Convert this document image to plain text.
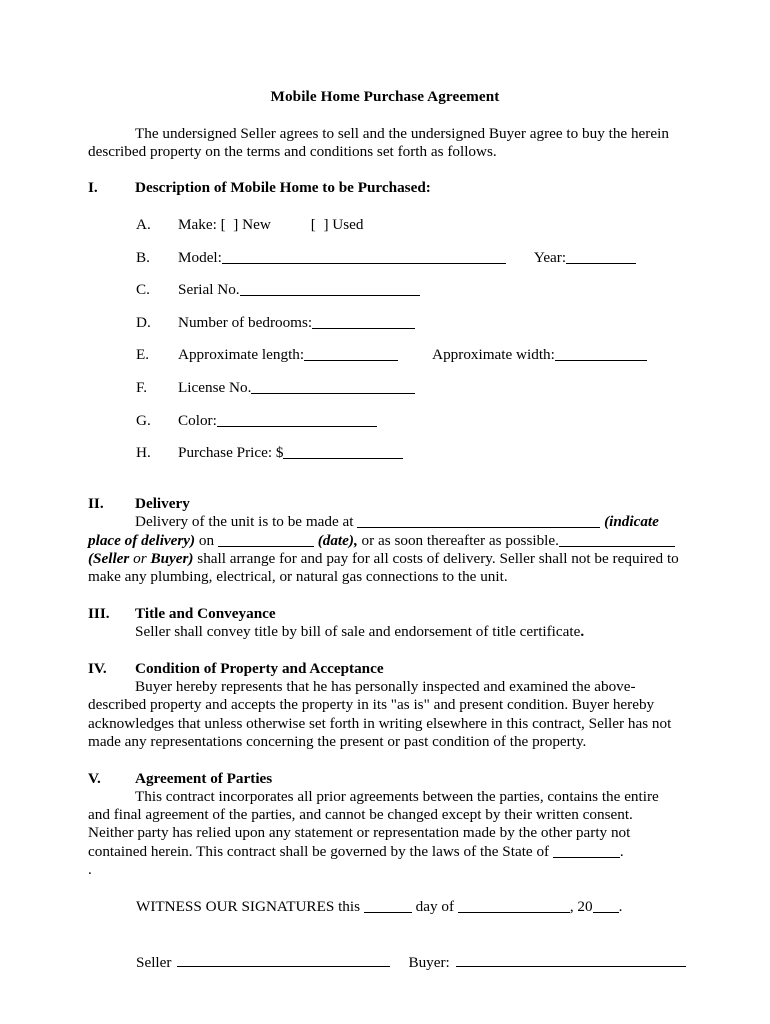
Mobile Home Purchase Agreement

The undersigned Seller agrees to sell and the undersigned Buyer agree to buy the herein described property on the terms and conditions set forth as follows.

I.	Description of Mobile Home to be Purchased:
A.	Make: [  ] New	[  ] Used
B.	Model:	Year:
C.	Serial No.
D.	Number of bedrooms:
E.	Approximate length:	Approximate width:
F.	License No.
G.	Color:
H.	Purchase Price: $
II.	Delivery

Delivery of the unit is to be made at	(indicate place of delivery) on	(date), or as soon thereafter as possible. (Seller or Buyer) shall arrange for and pay for all costs of delivery. Seller shall not be required to make any plumbing, electrical, or natural gas connections to the unit.

III.	Title and Conveyance

Seller shall convey title by bill of sale and endorsement of title certificate.

IV.	Condition of Property and Acceptance

Buyer hereby represents that he has personally inspected and examined the above-described property and accepts the property in its "as is" and present condition. Buyer hereby acknowledges that unless otherwise set forth in writing elsewhere in this contract, Seller has not made any representations concerning the present or past condition of the property.

V.	Agreement of Parties

This contract incorporates all prior agreements between the parties, contains the entire and final agreement of the parties, and cannot be changed except by their written consent. Neither party has relied upon any statement or representation made by the other party not contained herein. This contract shall be governed by the laws of the State of	.

.

WITNESS OUR SIGNATURES this	day of	, 20 .

Seller	Buyer:
